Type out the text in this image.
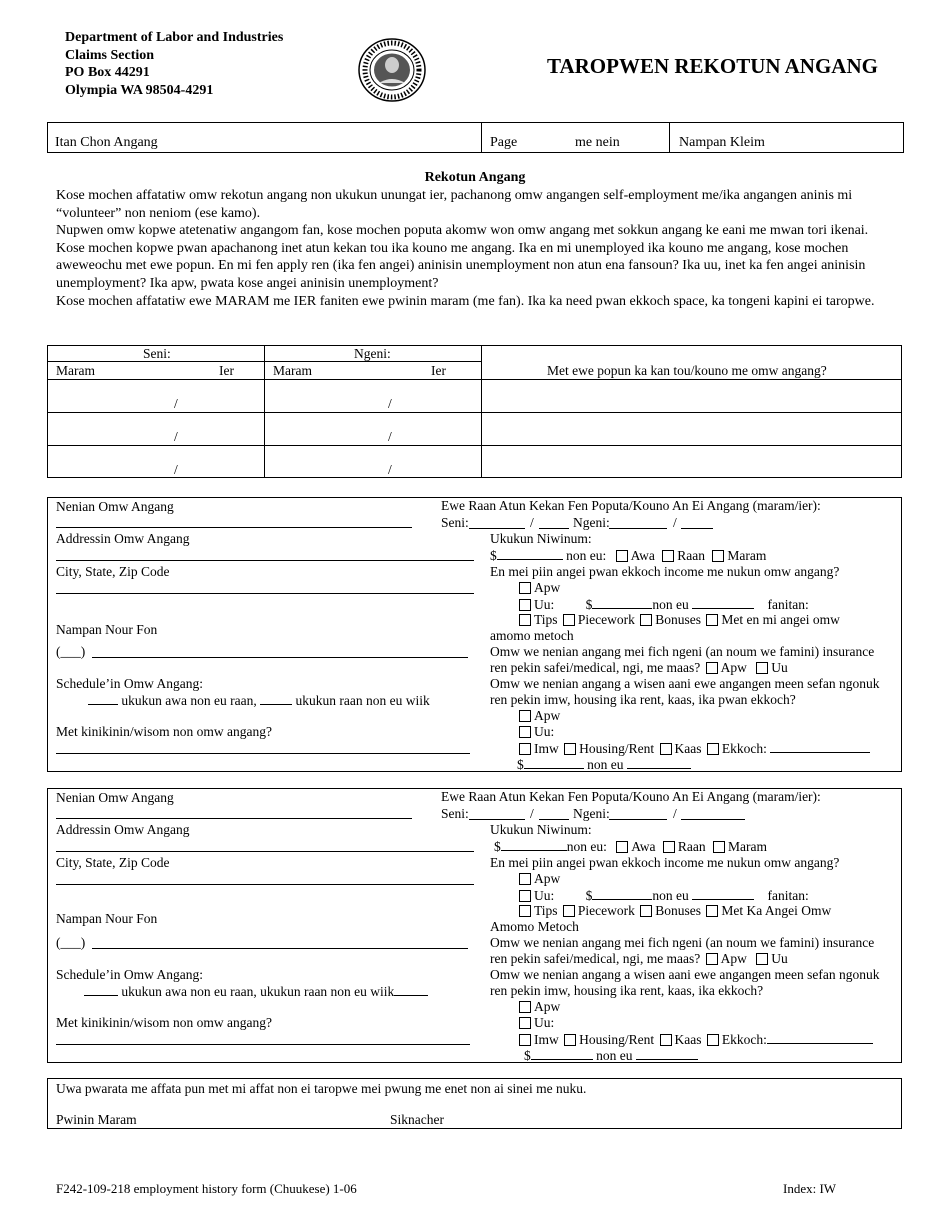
Department of Labor and Industries
Claims Section
PO Box 44291
Olympia WA 98504-4291
TAROPWEN REKOTUN ANGANG
Itan Chon Angang	Page	me nein	Nampan Kleim
Rekotun Angang

Kose mochen affatatiw omw rekotun angang non ukukun unungat ier, pachanong omw angangen self-employment me/ika angangen aninis mi “volunteer” non neniom (ese kamo).

Nupwen omw kopwe atetenatiw angangom fan, kose mochen poputa akomw won omw angang met sokkun angang ke eani me mwan tori ikenai. Kose mochen kopwe pwan apachanong inet atun kekan tou ika kouno me angang. Ika en mi unemployed ika kouno me angang, kose mochen aweweochu met ewe popun. En mi fen apply ren (ika fen angei) aninisin unemployment non atun ena fansoun? Ika uu, inet ka fen angei aninisin unemployment? Ika apw, pwata kose angei aninisin unemployment?

Kose mochen affatatiw ewe MARAM me IER faniten ewe pwinin maram (me fan). Ika ka need pwan ekkoch space, ka tongeni kapini ei taropwe.

Seni:	Ngeni:
Maram	Ier	Maram	Ier	Met ewe popun ka kan tou/kouno me omw angang?
/	/
/	/
/	/
Nenian Omw Angang	Ewe Raan Atun Kekan Fen Poputa/Kouno An Ei Angang (maram/ier):
Seni:	/	Ngeni:	/
Addressin Omw Angang	Ukukun Niwinum:
$	non eu: Awa Raan Maram
City, State, Zip Code	En mei piin angei pwan ekkoch income me nukun omw angang?
Apw
Uu: $	non eu	fanitan:
Tips Piecework Bonuses Met en mi angei omw
amomo metoch
Nampan Nour Fon
(___)	Omw we nenian angang mei fich ngeni (an noum we famini) insurance
ren pekin safei/medical, ngi, me maas? Apw Uu
Schedule’in Omw Angang:
ukukun awa non eu raan,	ukukun raan non eu wiik
Omw we nenian angang a wisen aani ewe angangen meen sefan ngonuk
ren pekin imw, housing ika rent, kaas, ika pwan ekkoch?
Apw
Uu:
Met kinikinin/wisom non omw angang?
Imw Housing/Rent Kaas Ekkoch:
$	non eu
Nenian Omw Angang	Ewe Raan Atun Kekan Fen Poputa/Kouno An Ei Angang (maram/ier):
Seni:	/	Ngeni:	/
Addressin Omw Angang	Ukukun Niwinum:
$	non eu: Awa Raan Maram
City, State, Zip Code	En mei piin angei pwan ekkoch income me nukun omw angang?
Apw
Uu: $	non eu	fanitan:
Tips Piecework Bonuses Met Ka Angei Omw
Amomo Metoch
Nampan Nour Fon
(___)	Omw we nenian angang mei fich ngeni (an noum we famini) insurance
ren pekin safei/medical, ngi, me maas? Apw Uu
Schedule’in Omw Angang:
ukukun awa non eu raan, ukukun raan non eu wiik
Omw we nenian angang a wisen aani ewe angangen meen sefan ngonuk
ren pekin imw, housing ika rent, kaas, ika ekkoch?
Apw
Uu:
Met kinikinin/wisom non omw angang?
Imw Housing/Rent Kaas Ekkoch:
$	non eu
Uwa pwarata me affata pun met mi affat non ei taropwe mei pwung me enet non ai sinei me nuku.
Pwinin Maram	Siknacher
F242-109-218 employment history form (Chuukese) 1-06	Index: IW
